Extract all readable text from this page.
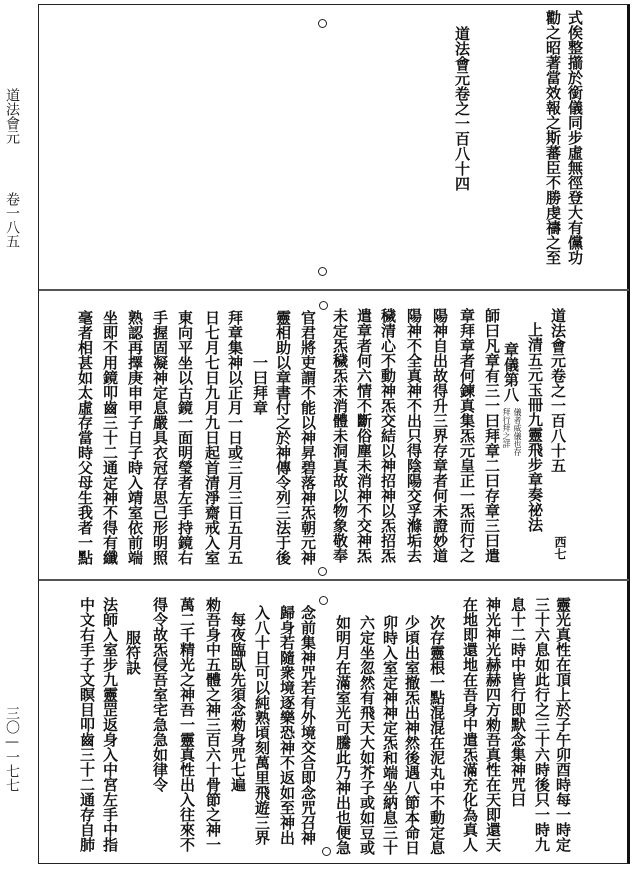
道法會元
卷一八五
三〇—一七七
式俟整擶於銜儀同步虛無徑登大有儻功
勸之昭著當效報之斯蕃臣不勝虔禱之至
道法會元卷之一百八十四
道法會元卷之一百八十五
西七
上清五元玉冊九靈飛步章奏祕法
章儀第八
儀者威儀也存
拜行拜之詳
師曰凡章有三一曰拜章二曰存章三曰遣
章拜章者何鍊真集炁元皇正一炁而行之
陽神自出故得升三界存章者何未證妙道
陽神不全真神不出只得陰陽交孚滌垢去
穢清心不動神炁交結以神招神以炁招炁
遣章者何六情不斷俗塵未消神不交神炁
未定炁穢炁未消體未洞真故以物象敬奉
官君將吏謂不能以神昇碧落神炁朝元神
靈相助以章書付之於神傳令列三法于後
一曰拜章
拜章集神以正月一日或三月三日五月五
日七月七日九月九日起首清淨齋戒入室
東向平坐以古鏡一面明瑩者左手持鏡右
手握固凝神定息嚴具衣冠存思己形明照
熟認再擇庚申甲子日子時入靖室依前端
坐即不用鏡叩齒三十二通定神不得有纖
毫者相甚如太虛存當時父母生我者一點
靈光真性在頂上於子午卯酉時每一時定
三十六息如此行之三十六時後只一時九
息十二時中皆行即默念集神咒曰
神光神光赫赫四方勑吾真性在天即還天
在地即還地在吾身中遣炁滿充化為真人
次存靈根一點混混在泥丸中不動定息
少頃出室撤炁出神然後遇八節本命日
卯時入室定神神定炁和端坐納息三十
六定坐忽然有飛天大如芥子或如豆或
如明月在滿室光可騰此乃神出也便急
念前集神咒若有外境交合即念咒召神
歸身若隨衆境逐樂恐神不返如至神出
入八十日可以純熟頃刻萬里飛遊三界
每夜臨臥先須念勑身咒七遍
勑吾身中五體之神三百六十骨節之神一
萬二千精光之神吾一靈真性出入往來不
得令故炁侵吾室宅急急如律令
服符訣
法師入室步九靈罡返身入中宮左手中指
中文右手子文瞑目叩齒三十二通存自肺
